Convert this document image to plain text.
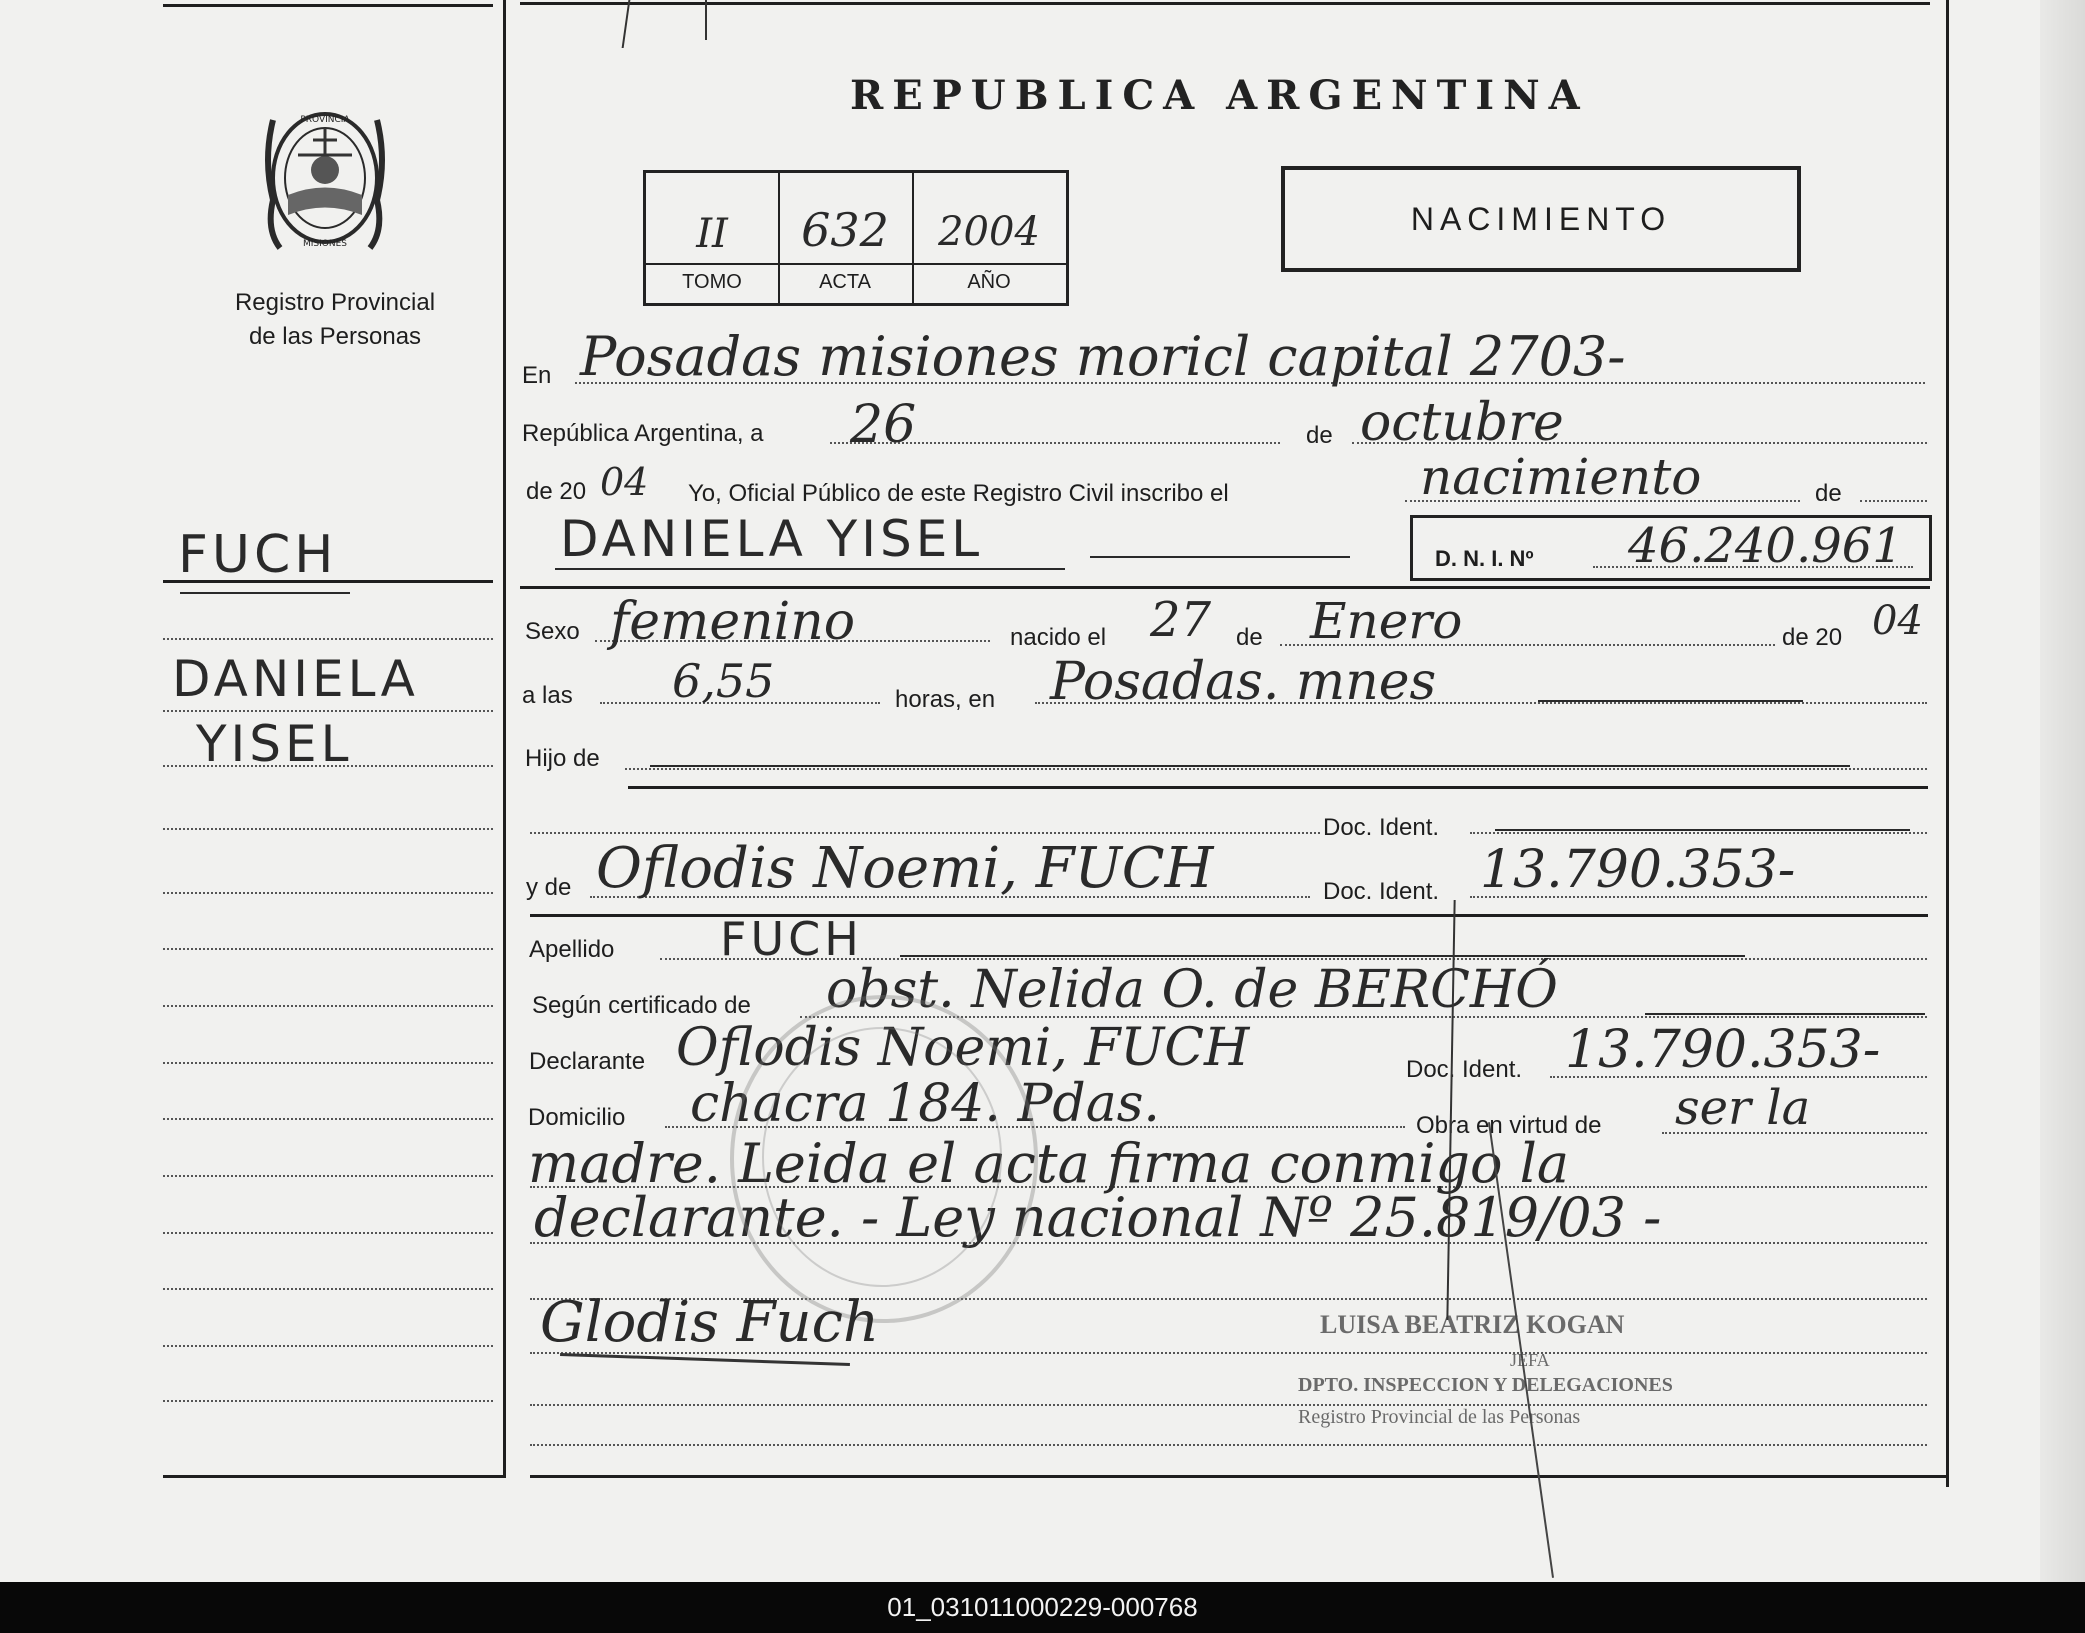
PROVINCIA
MISIONES
Registro Provincial
de las Personas
REPUBLICA ARGENTINA
II	632	2004
TOMO	ACTA	AÑO
NACIMIENTO
FUCH
DANIELA
YISEL
En Posadas misiones moricl capital 2703-
República Argentina, a 26	de octubre
de 20 04 Yo, Oficial Público de este Registro Civil inscribo el	nacimiento	de
DANIELA YISEL	D. N. I. Nº 46.240.961
Sexo femenino	nacido el 27 de Enero	de 20 04
a las 6,55	horas, en Posadas. mnes
Hijo de
Doc. Ident.
y de Oflodis Noemi, FUCH	Doc. Ident. 13.790.353-
Apellido FUCH
Según certificado de obst. Nelida O. de BERCHÓ
Declarante Oflodis Noemi, FUCH	Doc. Ident. 13.790.353-
Domicilio chacra 184. Pdas.	Obra en virtud de ser la
madre. Leida el acta firma conmigo la
declarante. - Ley nacional Nº 25.819/03 -
Glodis Fuch	LUISA BEATRIZ KOGAN
JEFA
DPTO. INSPECCION Y DELEGACIONES
Registro Provincial de las Personas
01_031011000229-000768
